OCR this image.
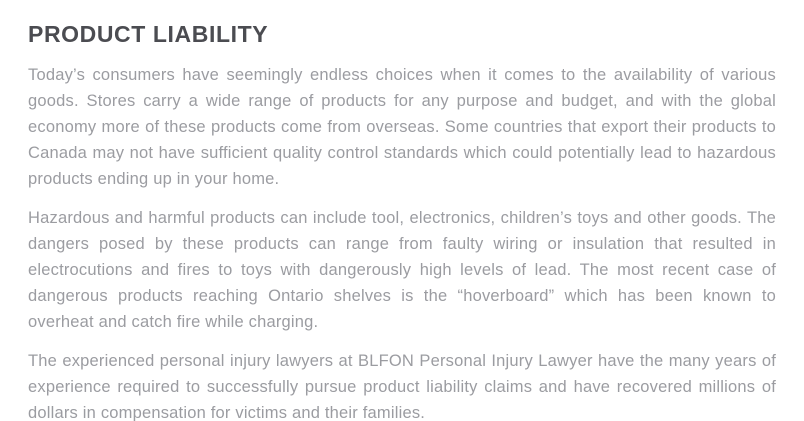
PRODUCT LIABILITY

Today’s consumers have seemingly endless choices when it comes to the availability of various goods. Stores carry a wide range of products for any purpose and budget, and with the global economy more of these products come from overseas. Some countries that export their products to Canada may not have sufficient quality control standards which could potentially lead to hazardous products ending up in your home.

Hazardous and harmful products can include tool, electronics, children’s toys and other goods. The dangers posed by these products can range from faulty wiring or insulation that resulted in electrocutions and fires to toys with dangerously high levels of lead. The most recent case of dangerous products reaching Ontario shelves is the “hoverboard” which has been known to overheat and catch fire while charging.

The experienced personal injury lawyers at BLFON Personal Injury Lawyer have the many years of experience required to successfully pursue product liability claims and have recovered millions of dollars in compensation for victims and their families.
